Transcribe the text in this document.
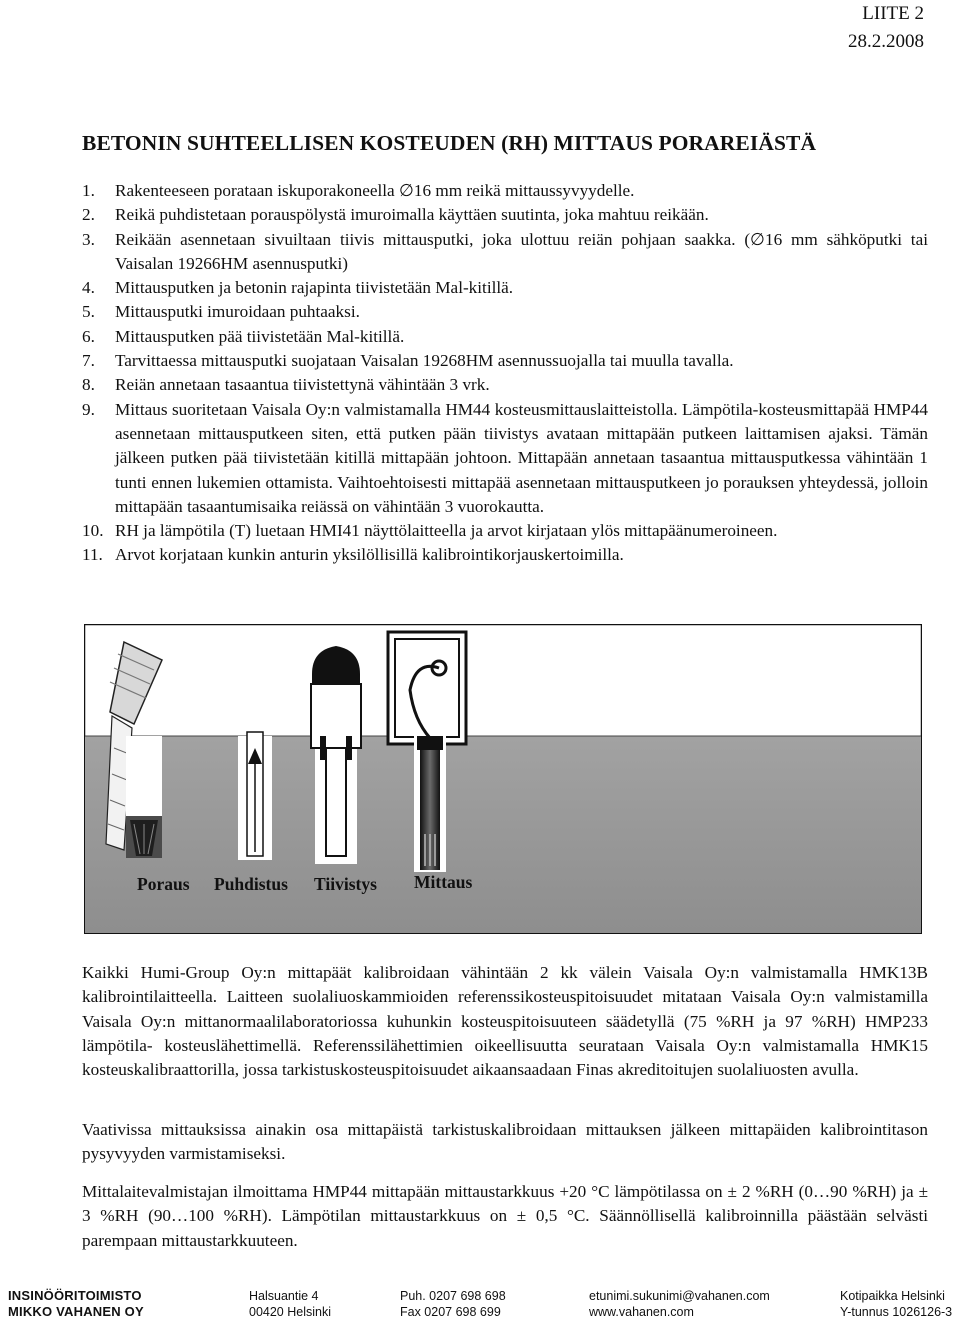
LIITE 2
28.2.2008
BETONIN SUHTEELLISEN KOSTEUDEN (RH) MITTAUS PORAREIÄSTÄ
1.	Rakenteeseen porataan iskuporakoneella ∅16 mm reikä mittaussyvyydelle.
2.	Reikä puhdistetaan porauspölystä imuroimalla käyttäen suutinta, joka mahtuu reikään.
3.	Reikään asennetaan sivuiltaan tiivis mittausputki, joka ulottuu reiän pohjaan saakka. (∅16 mm sähköputki tai Vaisalan 19266HM asennusputki)
4.	Mittausputken ja betonin rajapinta tiivistetään Mal-kitillä.
5.	Mittausputki imuroidaan puhtaaksi.
6.	Mittausputken pää tiivistetään Mal-kitillä.
7.	Tarvittaessa mittausputki suojataan Vaisalan 19268HM asennussuojalla tai muulla tavalla.
8.	Reiän annetaan tasaantua tiivistettynä vähintään 3 vrk.
9.	Mittaus suoritetaan Vaisala Oy:n valmistamalla HM44 kosteusmittauslaitteistolla. Lämpötila-kosteusmittapää HMP44 asennetaan mittausputkeen siten, että putken pään tiivistys avataan mittapään putkeen laittamisen ajaksi. Tämän jälkeen putken pää tiivistetään kitillä mittapään johtoon. Mittapään annetaan tasaantua mittausputkessa vähintään 1 tunti ennen lukemien ottamista. Vaihtoehtoisesti mittapää asennetaan mittausputkeen jo porauksen yhteydessä, jolloin mittapään tasaantumisaika reiässä on vähintään 3 vuorokautta.
10. RH ja lämpötila (T) luetaan HMI41 näyttölaitteella ja arvot kirjataan ylös mittapäänumeroineen.
11. Arvot korjataan kunkin anturin yksilöllisillä kalibrointikorjauskertoimilla.
Poraus Puhdistus Tiivistys Mittaus

Kaikki Humi-Group Oy:n mittapäät kalibroidaan vähintään 2 kk välein Vaisala Oy:n valmistamalla HMK13B kalibrointilaitteella. Laitteen suolaliuoskammioiden referenssikosteuspitoisuudet mitataan Vaisala Oy:n valmistamilla Vaisala Oy:n mittanormaalilaboratoriossa kuhunkin kosteuspitoisuuteen säädetyllä (75 %RH ja 97 %RH) HMP233 lämpötila- kosteuslähettimellä. Referenssilähettimien oikeellisuutta seurataan Vaisala Oy:n valmistamalla HMK15 kosteuskalibraattorilla, jossa tarkistuskosteuspitoisuudet aikaansaadaan Finas akreditoitujen suolaliuosten avulla.

Vaativissa mittauksissa ainakin osa mittapäistä tarkistuskalibroidaan mittauksen jälkeen mittapäiden kalibrointitason pysyvyyden varmistamiseksi.

Mittalaitevalmistajan ilmoittama HMP44 mittapään mittaustarkkuus +20 °C lämpötilassa on ± 2 %RH (0…90 %RH) ja ± 3 %RH (90…100 %RH). Lämpötilan mittaustarkkuus on ± 0,5 °C. Säännöllisellä kalibroinnilla päästään selvästi parempaan mittaustarkkuuteen.

INSINÖÖRITOIMISTO
MIKKO VAHANEN OY
Halsuantie 4
00420 Helsinki
Puh. 0207 698 698
Fax 0207 698 699
etunimi.sukunimi@vahanen.com
www.vahanen.com
Kotipaikka Helsinki
Y-tunnus 1026126-3
